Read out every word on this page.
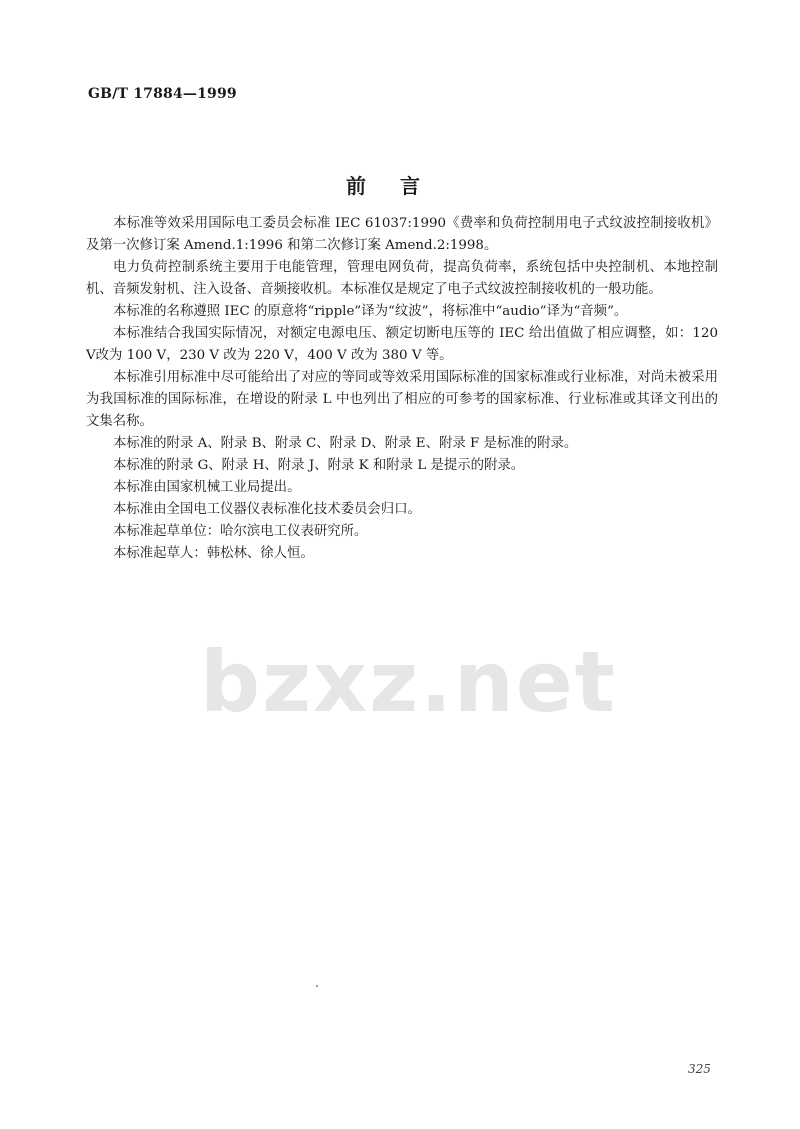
GB/T 17884—1999
前言

本标准等效采用国际电工委员会标准 IEC 61037:1990《费率和负荷控制用电子式纹波控制接收机》及第一次修订案 Amend.1:1996 和第二次修订案 Amend.2:1998。

电力负荷控制系统主要用于电能管理，管理电网负荷，提高负荷率，系统包括中央控制机、本地控制机、音频发射机、注入设备、音频接收机。本标准仅是规定了电子式纹波控制接收机的一般功能。

本标准的名称遵照 IEC 的原意将“ripple”译为“纹波”，将标准中“audio”译为“音频”。

本标准结合我国实际情况，对额定电源电压、额定切断电压等的 IEC 给出值做了相应调整，如：120 V改为 100 V，230 V 改为 220 V，400 V 改为 380 V 等。

本标准引用标准中尽可能给出了对应的等同或等效采用国际标准的国家标准或行业标准，对尚未被采用为我国标准的国际标准，在增设的附录 L 中也列出了相应的可参考的国家标准、行业标准或其译文刊出的文集名称。

本标准的附录 A、附录 B、附录 C、附录 D、附录 E、附录 F 是标准的附录。

本标准的附录 G、附录 H、附录 J、附录 K 和附录 L 是提示的附录。

本标准由国家机械工业局提出。

本标准由全国电工仪器仪表标准化技术委员会归口。

本标准起草单位：哈尔滨电工仪表研究所。

本标准起草人：韩松林、徐人恒。

bzxz.net
325
